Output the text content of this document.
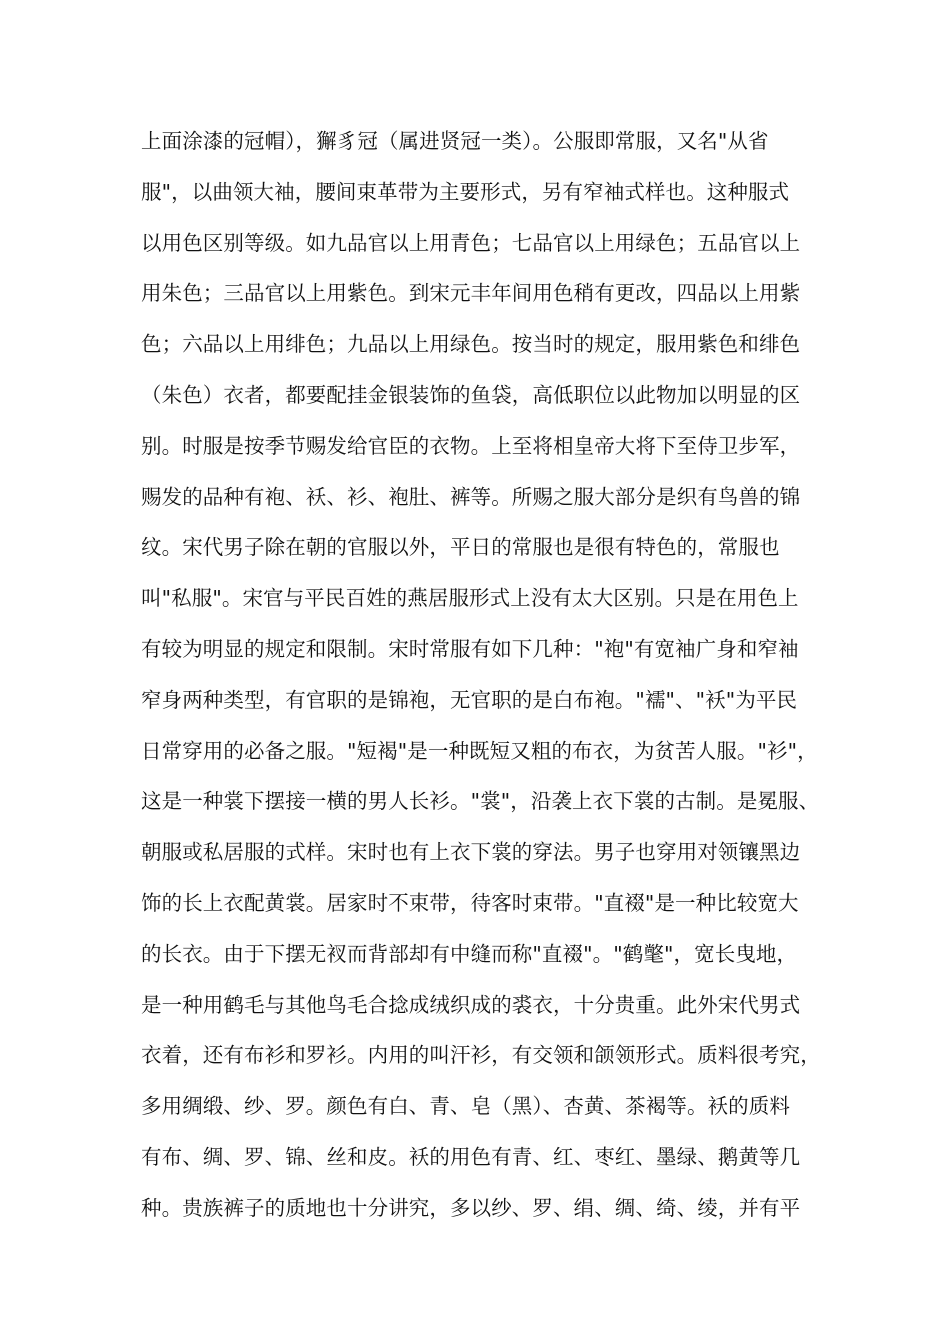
上面涂漆的冠帽），獬豸冠（属进贤冠一类）。公服即常服，又名"从省
服"，以曲领大袖，腰间束革带为主要形式，另有窄袖式样也。这种服式
以用色区别等级。如九品官以上用青色；七品官以上用绿色；五品官以上
用朱色；三品官以上用紫色。到宋元丰年间用色稍有更改，四品以上用紫
色；六品以上用绯色；九品以上用绿色。按当时的规定，服用紫色和绯色
（朱色）衣者，都要配挂金银装饰的鱼袋，高低职位以此物加以明显的区
别。时服是按季节赐发给官臣的衣物。上至将相皇帝大将下至侍卫步军，
赐发的品种有袍、袄、衫、袍肚、裤等。所赐之服大部分是织有鸟兽的锦
纹。宋代男子除在朝的官服以外，平日的常服也是很有特色的，常服也
叫"私服"。宋官与平民百姓的燕居服形式上没有太大区别。只是在用色上
有较为明显的规定和限制。宋时常服有如下几种："袍"有宽袖广身和窄袖
窄身两种类型，有官职的是锦袍，无官职的是白布袍。"襦"、"袄"为平民
日常穿用的必备之服。"短褐"是一种既短又粗的布衣，为贫苦人服。"衫"，
这是一种裳下摆接一横的男人长衫。"裳"，沿袭上衣下裳的古制。是冕服、
朝服或私居服的式样。宋时也有上衣下裳的穿法。男子也穿用对领镶黑边
饰的长上衣配黄裳。居家时不束带，待客时束带。"直裰"是一种比较宽大
的长衣。由于下摆无衩而背部却有中缝而称"直裰"。"鹤氅"，宽长曳地，
是一种用鹤毛与其他鸟毛合捻成绒织成的裘衣，十分贵重。此外宋代男式
衣着，还有布衫和罗衫。内用的叫汗衫，有交领和颌领形式。质料很考究，
多用绸缎、纱、罗。颜色有白、青、皂（黑）、杏黄、茶褐等。袄的质料
有布、绸、罗、锦、丝和皮。袄的用色有青、红、枣红、墨绿、鹅黄等几
种。贵族裤子的质地也十分讲究，多以纱、罗、绢、绸、绮、绫，并有平
